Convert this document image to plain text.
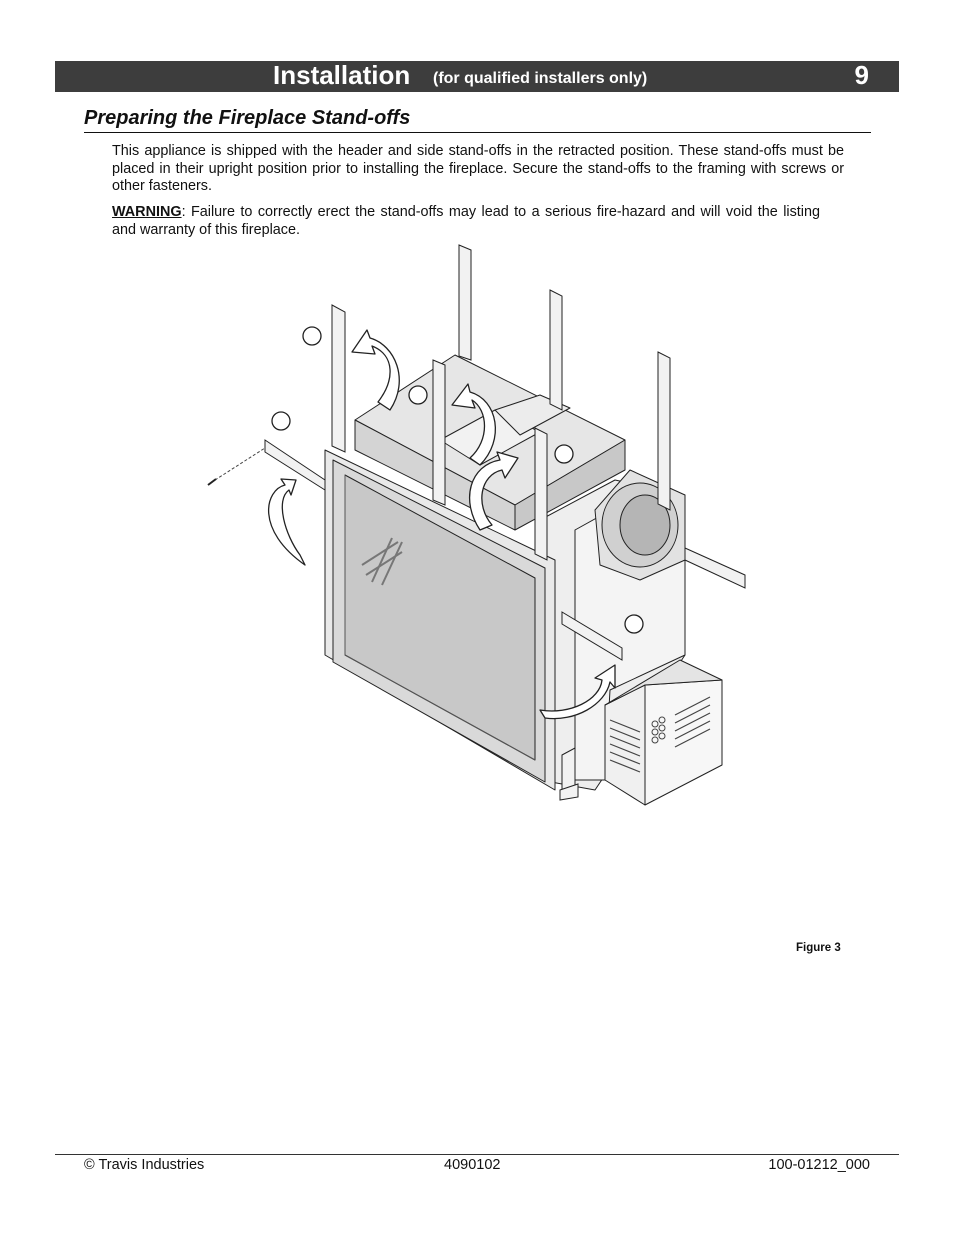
Installation (for qualified installers only)	9
Preparing the Fireplace Stand-offs

This appliance is shipped with the header and side stand-offs in the retracted position. These stand-offs must be placed in their upright position prior to installing the fireplace. Secure the stand-offs to the framing with screws or other fasteners.

WARNING: Failure to correctly erect the stand-offs may lead to a serious fire-hazard and will void the listing and warranty of this fireplace.

Figure 3
© Travis Industries	4090102	100-01212_000
